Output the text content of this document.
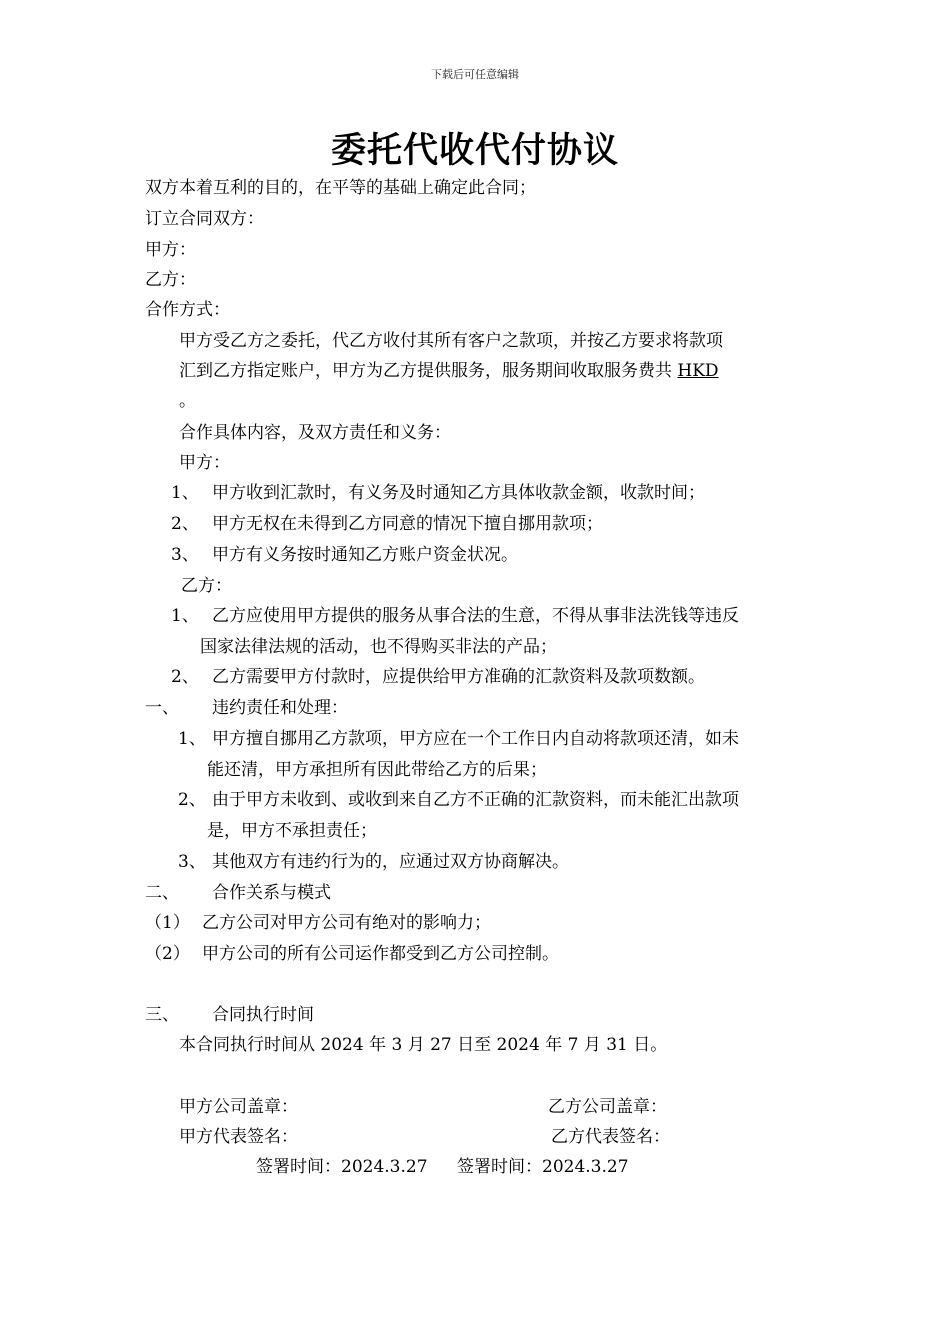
下载后可任意编辑
委托代收代付协议
双方本着互利的目的，在平等的基础上确定此合同；
订立合同双方：
甲方：
乙方：
合作方式：
甲方受乙方之委托，代乙方收付其所有客户之款项，并按乙方要求将款项
汇到乙方指定账户，甲方为乙方提供服务，服务期间收取服务费共 HKD
。
合作具体内容，及双方责任和义务：
甲方：
1、 甲方收到汇款时，有义务及时通知乙方具体收款金额，收款时间；
2、 甲方无权在未得到乙方同意的情况下擅自挪用款项；
3、 甲方有义务按时通知乙方账户资金状况。
乙方：
1、 乙方应使用甲方提供的服务从事合法的生意，不得从事非法洗钱等违反
国家法律法规的活动，也不得购买非法的产品；
2、 乙方需要甲方付款时，应提供给甲方准确的汇款资料及款项数额。
一、 违约责任和处理：
1、 甲方擅自挪用乙方款项，甲方应在一个工作日内自动将款项还清，如未
能还清，甲方承担所有因此带给乙方的后果；
2、 由于甲方未收到、或收到来自乙方不正确的汇款资料，而未能汇出款项
是，甲方不承担责任；
3、 其他双方有违约行为的，应通过双方协商解决。
二、 合作关系与模式
（1） 乙方公司对甲方公司有绝对的影响力；
（2） 甲方公司的所有公司运作都受到乙方公司控制。
三、 合同执行时间
本合同执行时间从 2024 年 3 月 27 日至 2024 年 7 月 31 日。
甲方公司盖章：	乙方公司盖章：
甲方代表签名：	乙方代表签名：
签署时间：2024.3.27 签署时间：2024.3.27
